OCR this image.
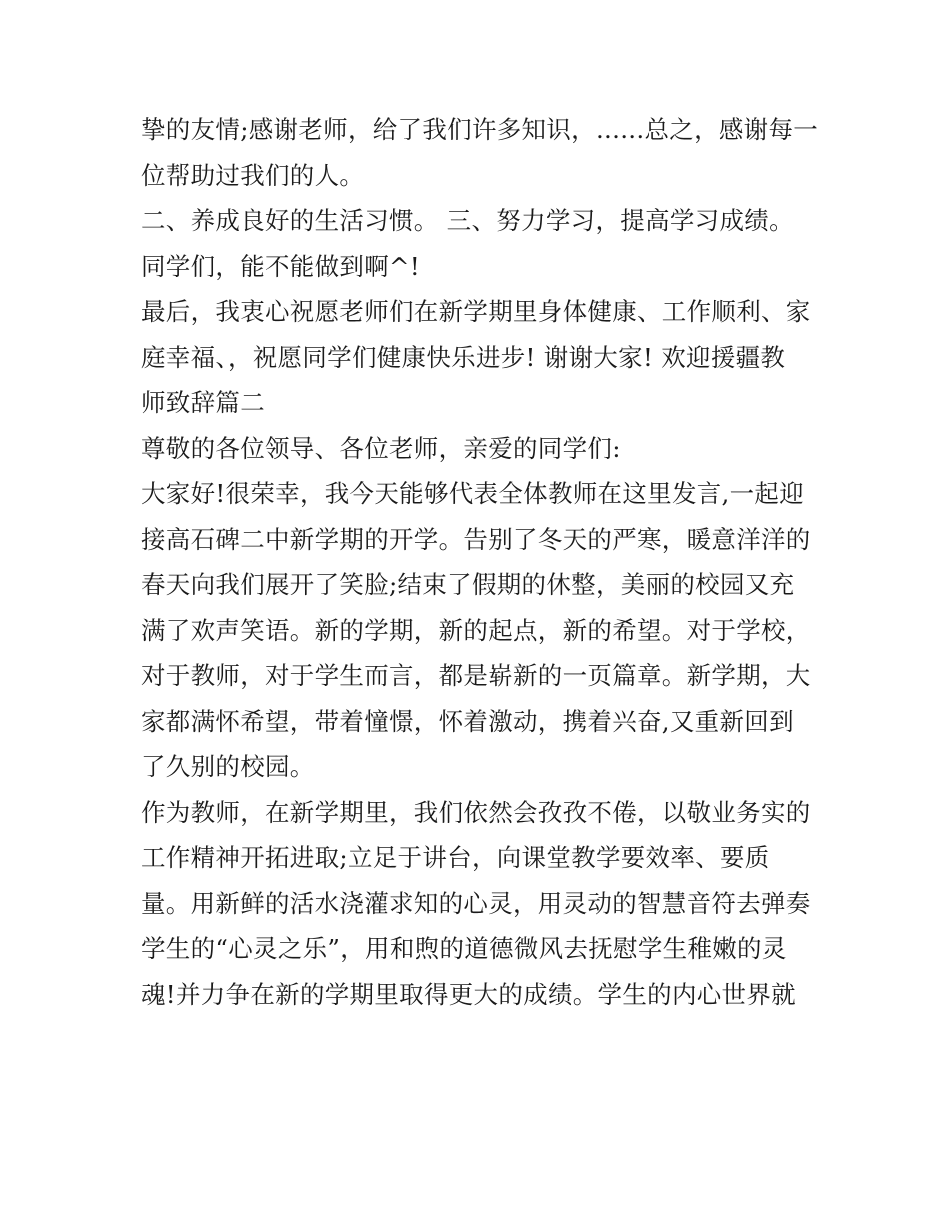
挚的友情;感谢老师，给了我们许多知识，......总之，感谢每一
位帮助过我们的人。
二、养成良好的生活习惯。 三、努力学习，提高学习成绩。
同学们，能不能做到啊^!
最后，我衷心祝愿老师们在新学期里身体健康、工作顺利、家
庭幸福、，祝愿同学们健康快乐进步! 谢谢大家! 欢迎援疆教
师致辞篇二
尊敬的各位领导、各位老师，亲爱的同学们:
大家好!很荣幸，我今天能够代表全体教师在这里发言,一起迎
接高石碑二中新学期的开学。告别了冬天的严寒，暖意洋洋的
春天向我们展开了笑脸;结束了假期的休整，美丽的校园又充
满了欢声笑语。新的学期，新的起点，新的希望。对于学校，
对于教师，对于学生而言，都是崭新的一页篇章。新学期，大
家都满怀希望，带着憧憬，怀着激动，携着兴奋,又重新回到
了久别的校园。
作为教师，在新学期里，我们依然会孜孜不倦，以敬业务实的
工作精神开拓进取;立足于讲台，向课堂教学要效率、要质
量。用新鲜的活水浇灌求知的心灵，用灵动的智慧音符去弹奏
学生的“心灵之乐”，用和煦的道德微风去抚慰学生稚嫩的灵
魂!并力争在新的学期里取得更大的成绩。学生的内心世界就
